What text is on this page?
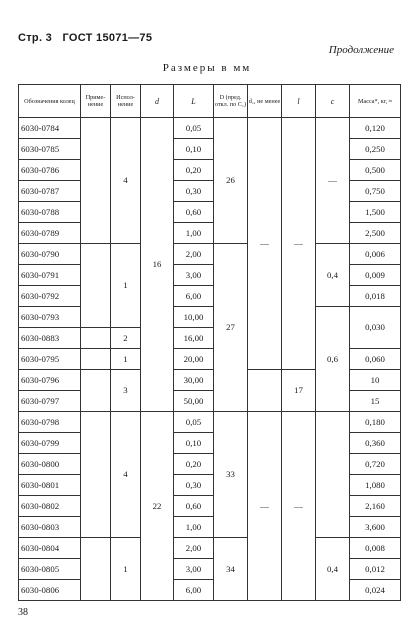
Стр. 3 ГОСТ 15071—75
Продолжение
Размеры в мм
Обозначения колец	Приме-нение	Испол-нение	d	L	D (пред. откл. по C₁)	d₁, не менее	l	c	Масса*, кг, ≈	
6030-0784		4	16	0,05	26	—	—	—	0,120	
6030-0785				0,10					0,250	
6030-0786				0,20					0,500	
6030-0787				0,30					0,750	
6030-0788				0,60					1,500	
6030-0789				1,00					2,500	
6030-0790		1		2,00	27			0,4	0,006	
6030-0791				3,00					0,009	
6030-0792				6,00					0,018	
6030-0793				10,00				0,6	0,030	
6030-0883		2		16,00						
6030-0795		1		20,00					0,060	
6030-0796		3		30,00			17		10	
6030-0797				50,00					15	
6030-0798		4	22	0,05	33	—	—		0,180	
6030-0799				0,10					0,360	
6030-0800				0,20					0,720	
6030-0801				0,30					1,080	
6030-0802				0,60					2,160	
6030-0803				1,00					3,600	
6030-0804		1		2,00	34			0,4	0,008	
6030-0805				3,00					0,012	
6030-0806				6,00					0,024	
38
